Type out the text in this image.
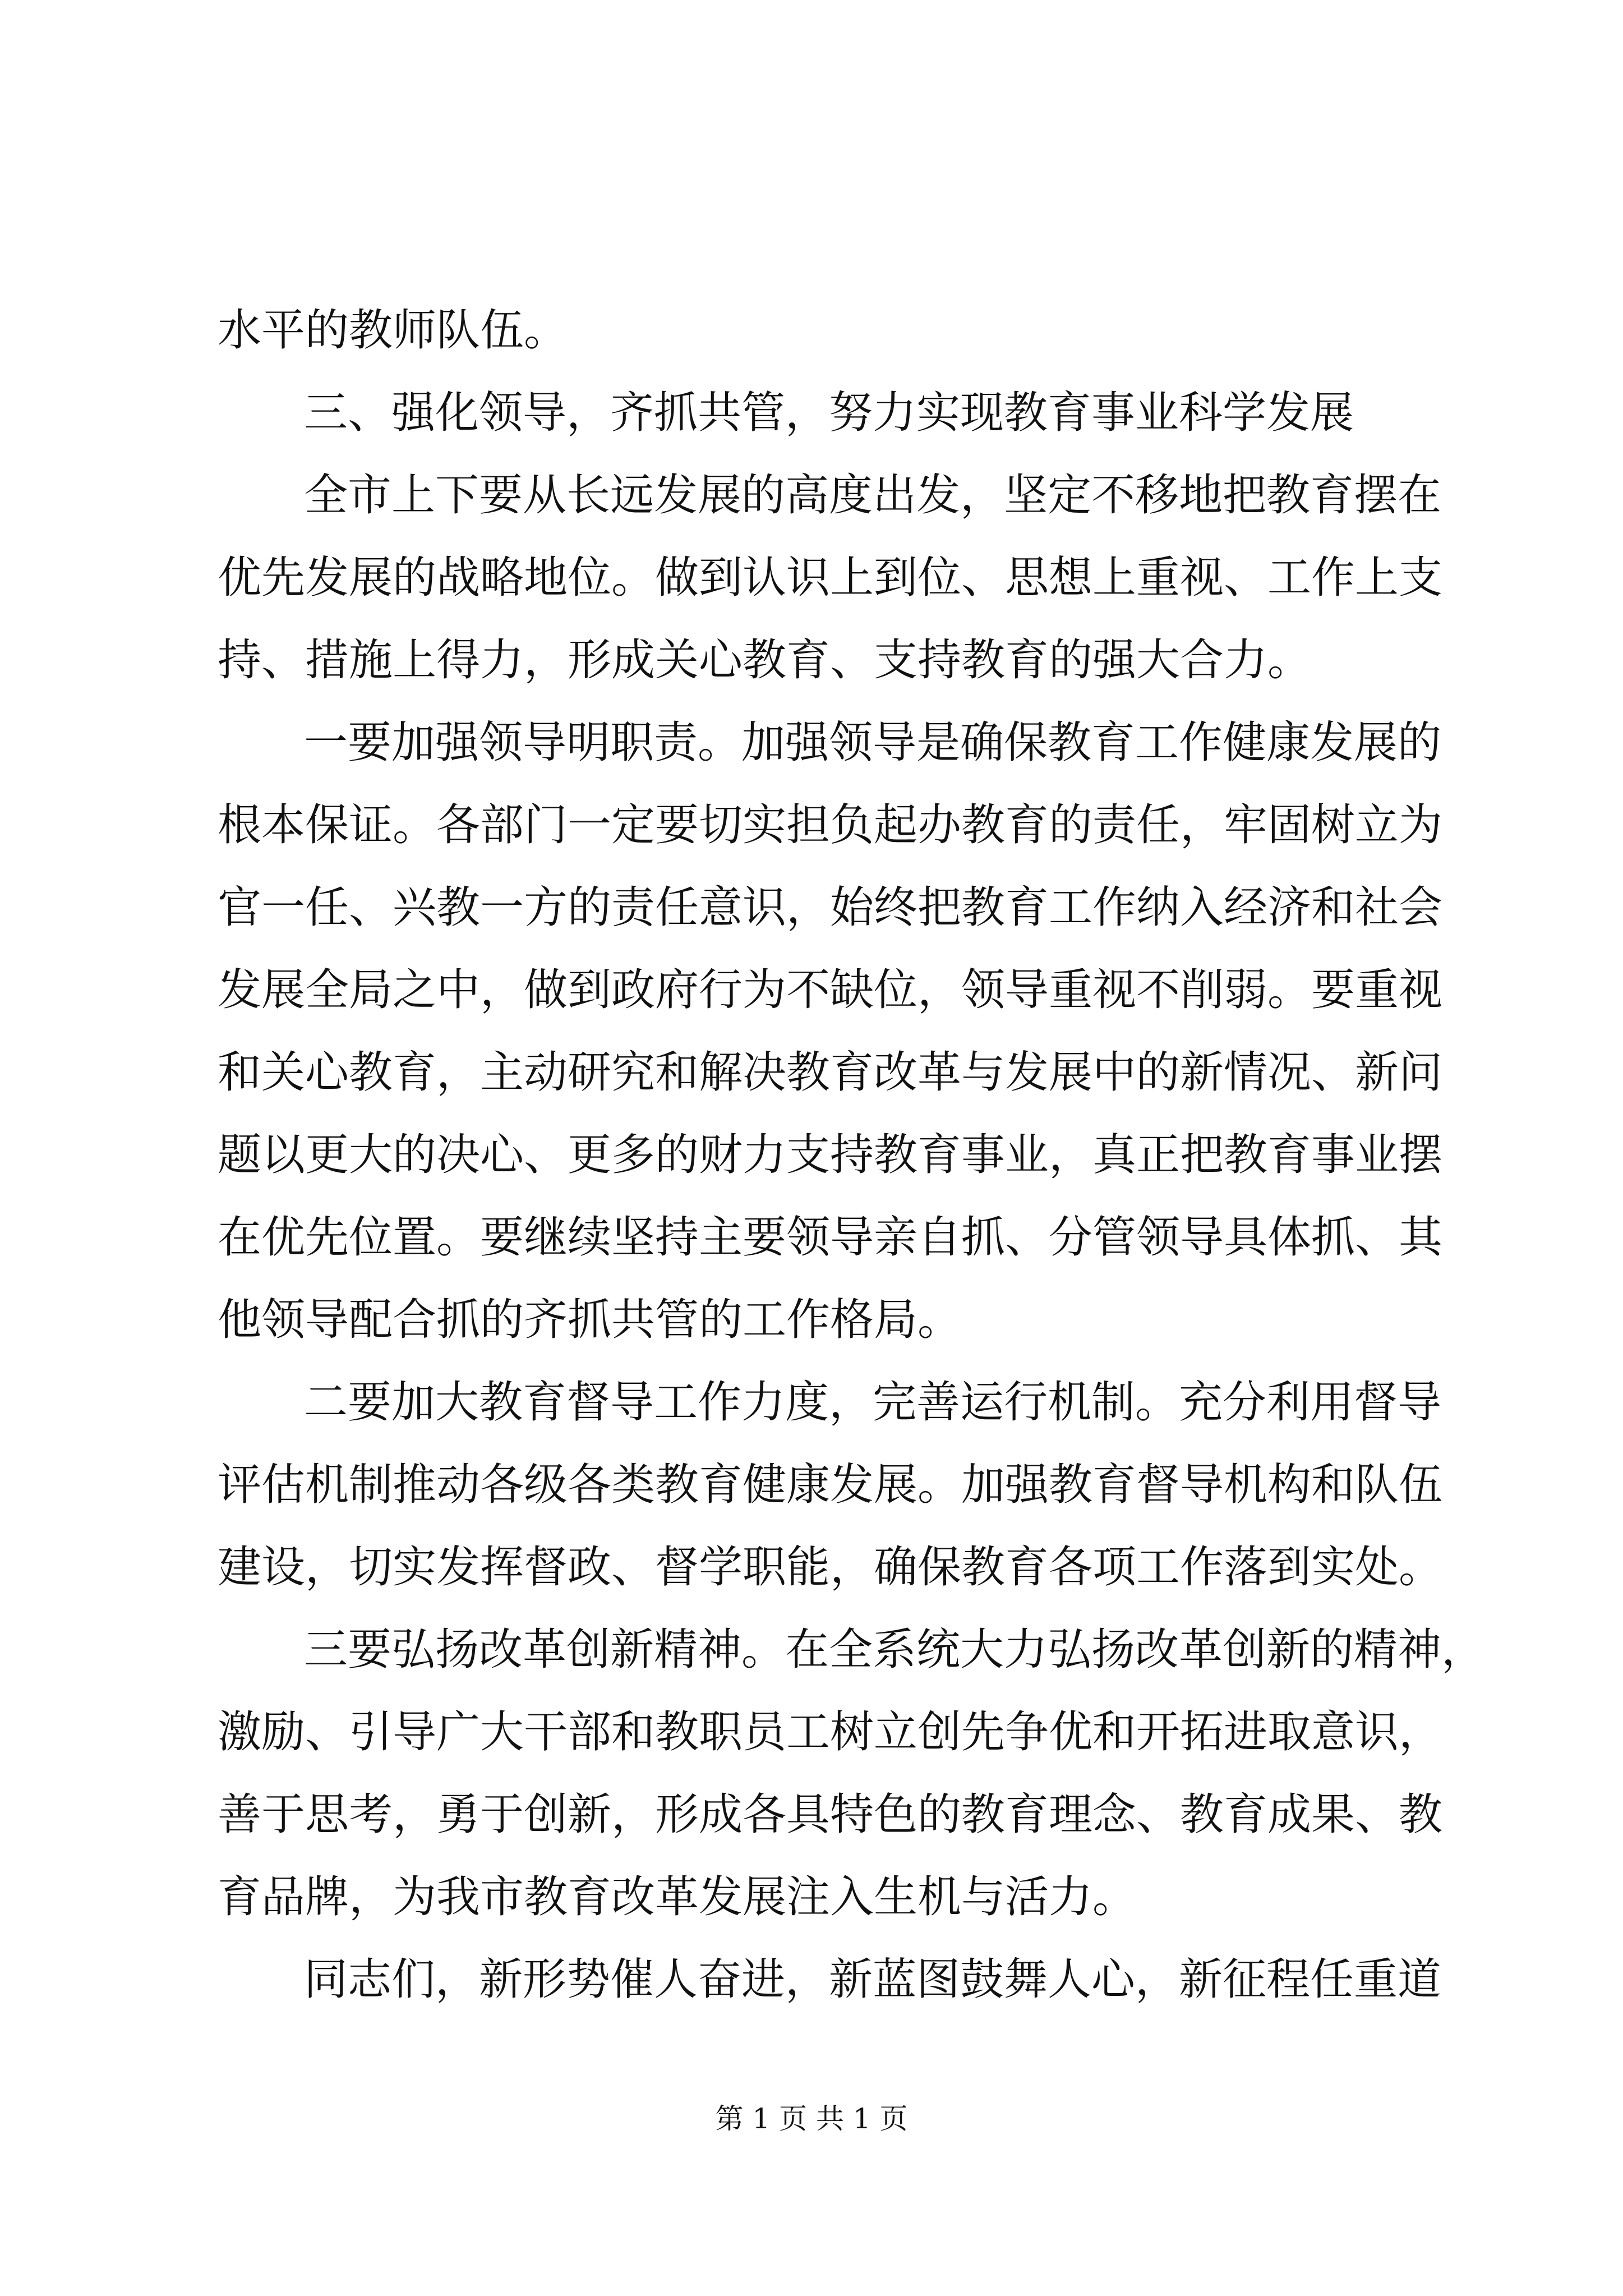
水平的教师队伍。
三、强化领导，齐抓共管，努力实现教育事业科学发展
全市上下要从长远发展的高度出发，坚定不移地把教育摆在
优先发展的战略地位。做到认识上到位、思想上重视、工作上支
持、措施上得力，形成关心教育、支持教育的强大合力。
一要加强领导明职责。加强领导是确保教育工作健康发展的
根本保证。各部门一定要切实担负起办教育的责任，牢固树立为
官一任、兴教一方的责任意识，始终把教育工作纳入经济和社会
发展全局之中，做到政府行为不缺位，领导重视不削弱。要重视
和关心教育，主动研究和解决教育改革与发展中的新情况、新问
题以更大的决心、更多的财力支持教育事业，真正把教育事业摆
在优先位置。要继续坚持主要领导亲自抓、分管领导具体抓、其
他领导配合抓的齐抓共管的工作格局。
二要加大教育督导工作力度，完善运行机制。充分利用督导
评估机制推动各级各类教育健康发展。加强教育督导机构和队伍
建设，切实发挥督政、督学职能，确保教育各项工作落到实处。
三要弘扬改革创新精神。在全系统大力弘扬改革创新的精神，
激励、引导广大干部和教职员工树立创先争优和开拓进取意识，
善于思考，勇于创新，形成各具特色的教育理念、教育成果、教
育品牌，为我市教育改革发展注入生机与活力。
同志们，新形势催人奋进，新蓝图鼓舞人心，新征程任重道
第 1 页 共 1 页
